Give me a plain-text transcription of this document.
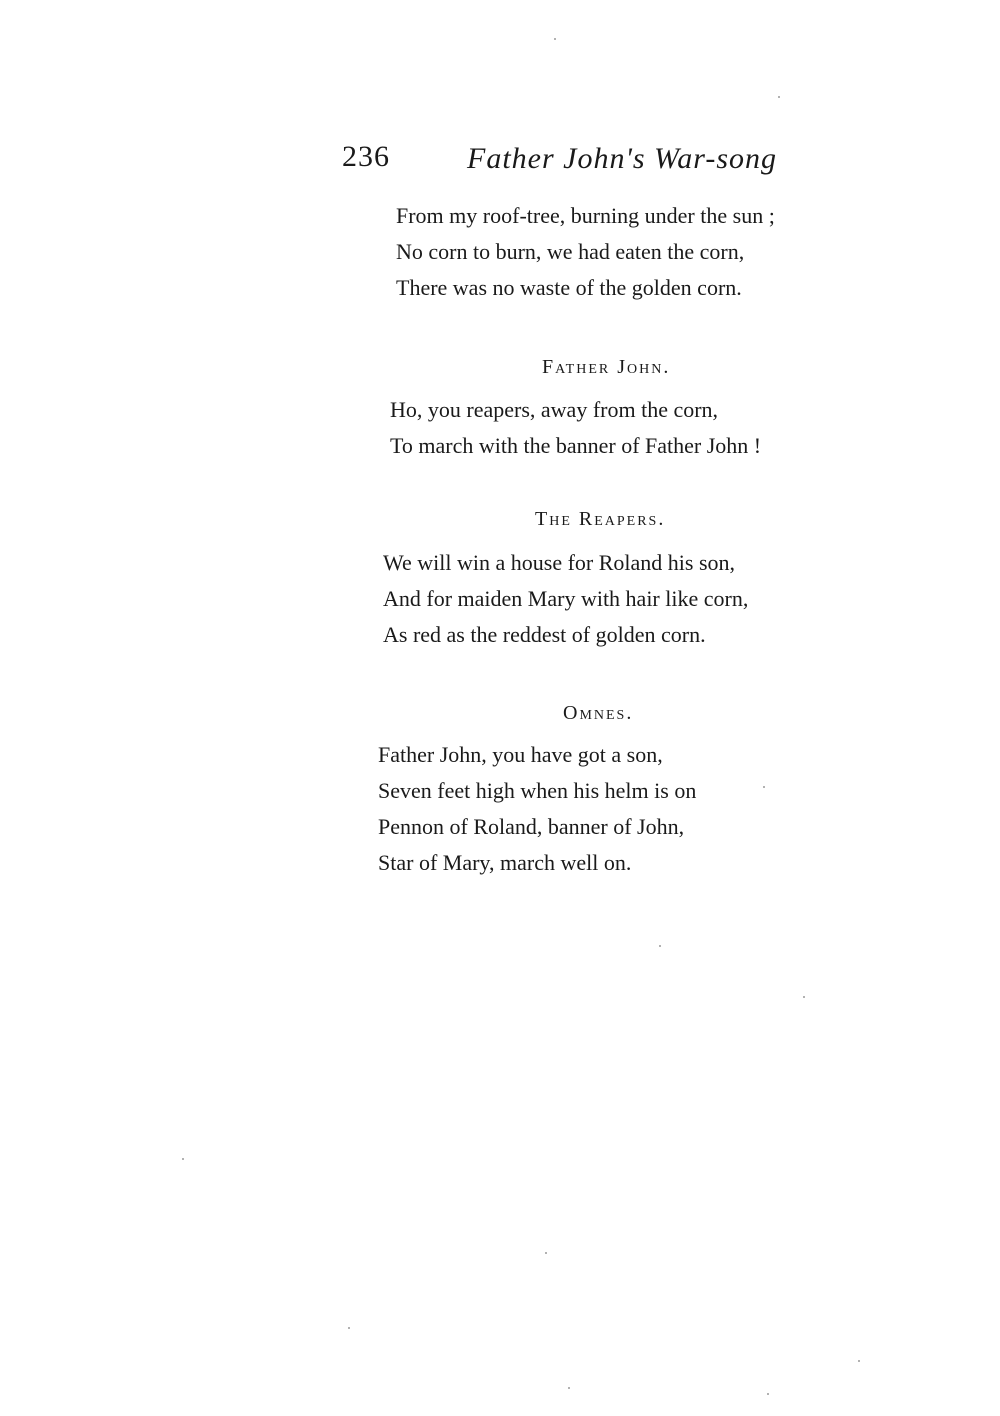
236	Father John's War-song
From my roof-tree, burning under the sun ;
No corn to burn, we had eaten the corn,
There was no waste of the golden corn.
Father John.
Ho, you reapers, away from the corn,
To march with the banner of Father John !
The Reapers.
We will win a house for Roland his son,
And for maiden Mary with hair like corn,
As red as the reddest of golden corn.
Omnes.
Father John, you have got a son,
Seven feet high when his helm is on
Pennon of Roland, banner of John,
Star of Mary, march well on.
